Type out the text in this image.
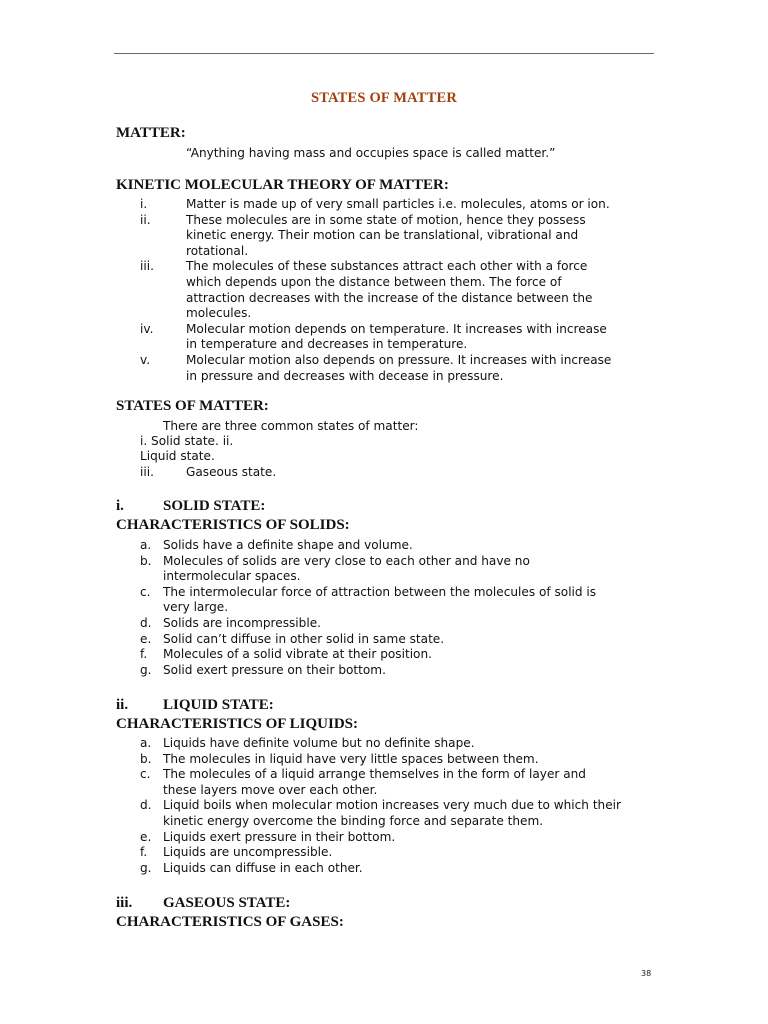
STATES OF MATTER
MATTER:
“Anything having mass and occupies space is called matter.”
KINETIC MOLECULAR THEORY OF MATTER:
i.	Matter is made up of very small particles i.e. molecules, atoms or ion.
ii.	These molecules are in some state of motion, hence they possess
kinetic energy. Their motion can be translational, vibrational and
rotational.
iii.	The molecules of these substances attract each other with a force
which depends upon the distance between them. The force of
attraction decreases with the increase of the distance between the
molecules.
iv.	Molecular motion depends on temperature. It increases with increase
in temperature and decreases in temperature.
v.	Molecular motion also depends on pressure. It increases with increase
in pressure and decreases with decease in pressure.
STATES OF MATTER:
There are three common states of matter:
i. Solid state. ii.
Liquid state.
iii.	Gaseous state.
i.	SOLID STATE:
CHARACTERISTICS OF SOLIDS:
a. Solids have a definite shape and volume.
b. Molecules of solids are very close to each other and have no
intermolecular spaces.
c. The intermolecular force of attraction between the molecules of solid is
very large.
d. Solids are incompressible.
e. Solid can’t diffuse in other solid in same state.
f. Molecules of a solid vibrate at their position.
g. Solid exert pressure on their bottom.
ii. LIQUID STATE:
CHARACTERISTICS OF LIQUIDS:
a. Liquids have definite volume but no definite shape.
b. The molecules in liquid have very little spaces between them.
c. The molecules of a liquid arrange themselves in the form of layer and
these layers move over each other.
d. Liquid boils when molecular motion increases very much due to which their
kinetic energy overcome the binding force and separate them.
e. Liquids exert pressure in their bottom.
f. Liquids are uncompressible.
g. Liquids can diffuse in each other.
iii. GASEOUS STATE:
CHARACTERISTICS OF GASES:
38
